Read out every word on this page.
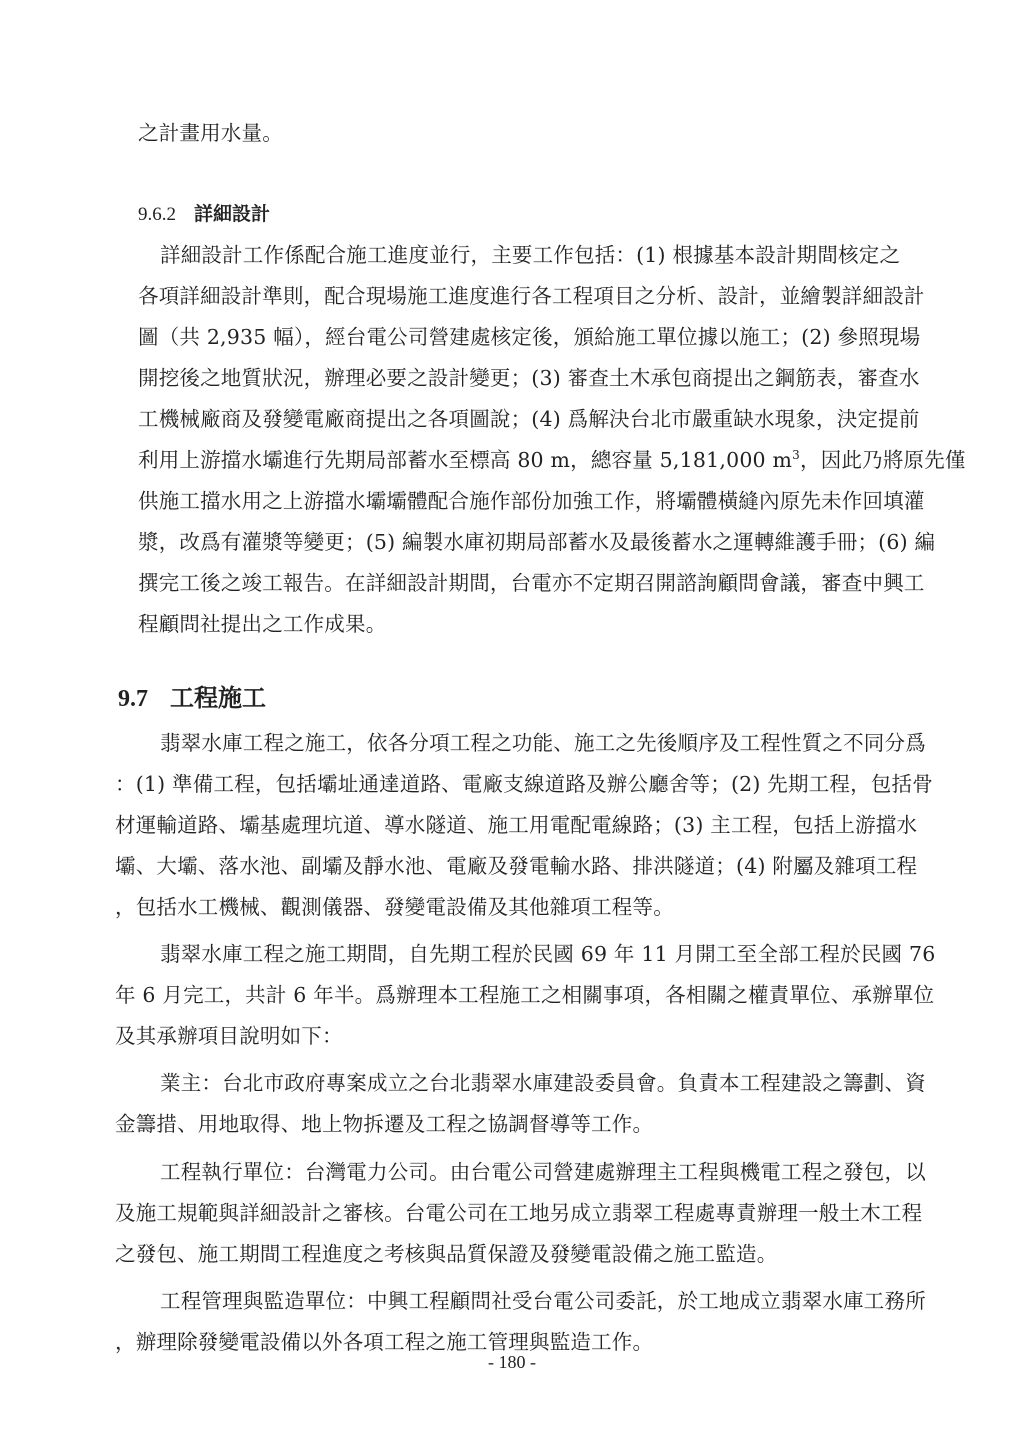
之計畫用水量。
9.6.2 詳細設計
詳細設計工作係配合施工進度並行，主要工作包括：(1) 根據基本設計期間核定之
各項詳細設計準則，配合現場施工進度進行各工程項目之分析、設計，並繪製詳細設計
圖（共 2,935 幅），經台電公司營建處核定後，頒給施工單位據以施工；(2) 參照現場
開挖後之地質狀況，辦理必要之設計變更；(3) 審查土木承包商提出之鋼筋表，審查水
工機械廠商及發變電廠商提出之各項圖說；(4) 爲解決台北市嚴重缺水現象，決定提前
利用上游擋水壩進行先期局部蓄水至標高 80 m，總容量 5,181,000 $m^3$，因此乃將原先僅
供施工擋水用之上游擋水壩壩體配合施作部份加強工作，將壩體橫縫內原先未作回填灌
漿，改爲有灌漿等變更；(5) 編製水庫初期局部蓄水及最後蓄水之運轉維護手冊；(6) 編
撰完工後之竣工報告。在詳細設計期間，台電亦不定期召開諮詢顧問會議，審查中興工
程顧問社提出之工作成果。
9.7 工程施工
翡翠水庫工程之施工，依各分項工程之功能、施工之先後順序及工程性質之不同分爲
：(1) 準備工程，包括壩址通達道路、電廠支線道路及辦公廳舍等；(2) 先期工程，包括骨
材運輸道路、壩基處理坑道、導水隧道、施工用電配電線路；(3) 主工程，包括上游擋水
壩、大壩、落水池、副壩及靜水池、電廠及發電輸水路、排洪隧道；(4) 附屬及雜項工程
，包括水工機械、觀測儀器、發變電設備及其他雜項工程等。
翡翠水庫工程之施工期間，自先期工程於民國 69 年 11 月開工至全部工程於民國 76
年 6 月完工，共計 6 年半。爲辦理本工程施工之相關事項，各相關之權責單位、承辦單位
及其承辦項目說明如下：
業主：台北市政府專案成立之台北翡翠水庫建設委員會。負責本工程建設之籌劃、資
金籌措、用地取得、地上物拆遷及工程之協調督導等工作。
工程執行單位：台灣電力公司。由台電公司營建處辦理主工程與機電工程之發包，以
及施工規範與詳細設計之審核。台電公司在工地另成立翡翠工程處專責辦理一般土木工程
之發包、施工期間工程進度之考核與品質保證及發變電設備之施工監造。
工程管理與監造單位：中興工程顧問社受台電公司委託，於工地成立翡翠水庫工務所
，辦理除發變電設備以外各項工程之施工管理與監造工作。
- 180 -
